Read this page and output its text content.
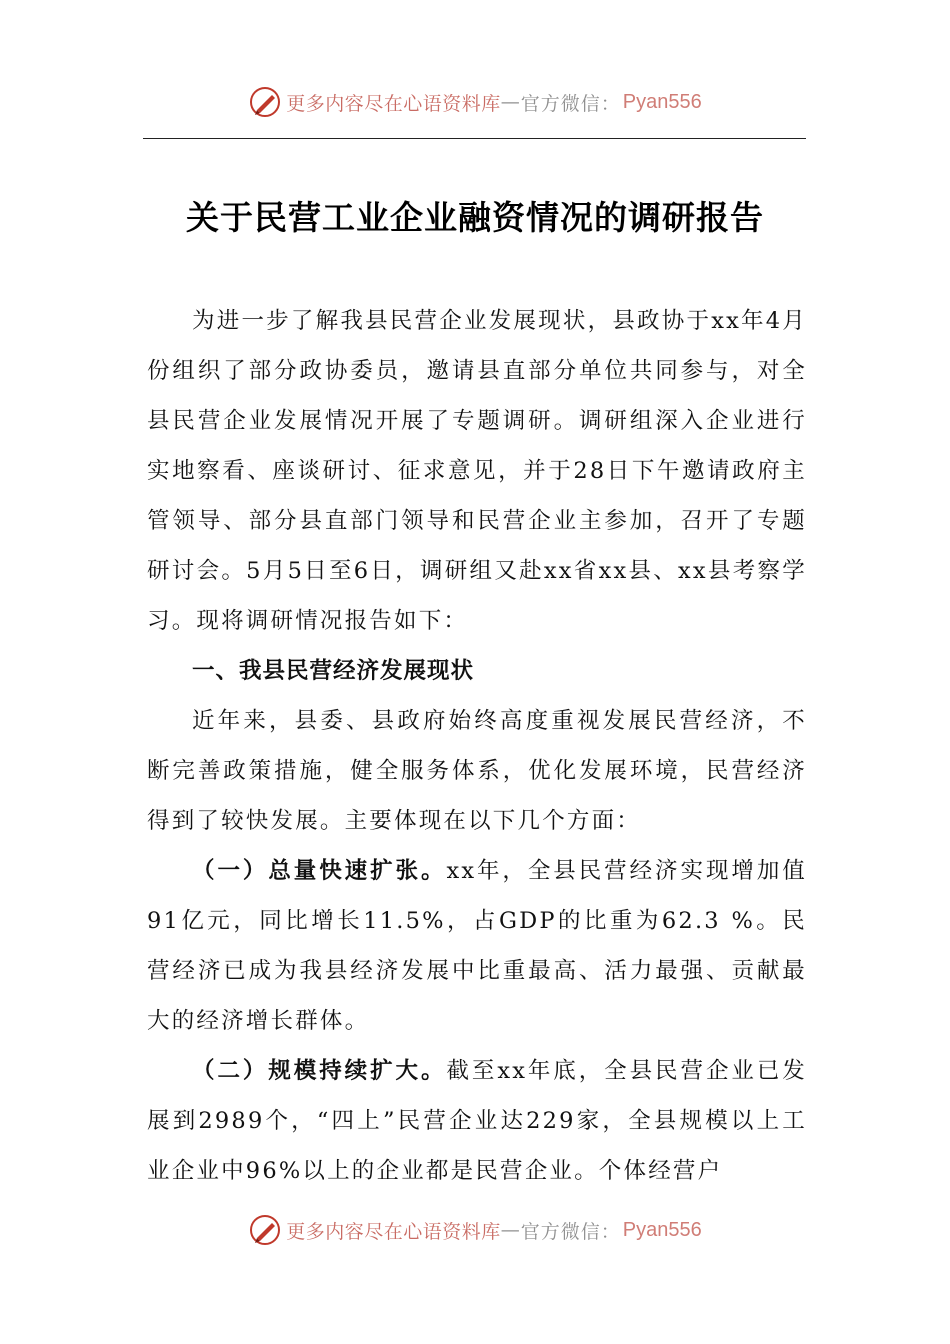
更多内容尽在心语资料库 — 官方微信： Pyan556
关于民营工业企业融资情况的调研报告

为进一步了解我县民营企业发展现状，县政协于xx年4月份组织了部分政协委员，邀请县直部分单位共同参与，对全县民营企业发展情况开展了专题调研。调研组深入企业进行实地察看、座谈研讨、征求意见，并于28日下午邀请政府主管领导、部分县直部门领导和民营企业主参加，召开了专题研讨会。5月5日至6日，调研组又赴xx省xx县、xx县考察学习。现将调研情况报告如下：

一、我县民营经济发展现状

近年来，县委、县政府始终高度重视发展民营经济，不断完善政策措施，健全服务体系，优化发展环境，民营经济得到了较快发展。主要体现在以下几个方面：

（一）总量快速扩张。xx年，全县民营经济实现增加值91亿元，同比增长11.5%，占GDP的比重为62.3 %。民营经济已成为我县经济发展中比重最高、活力最强、贡献最大的经济增长群体。

（二）规模持续扩大。截至xx年底，全县民营企业已发展到2989个，“四上”民营企业达229家，全县规模以上工业企业中96%以上的企业都是民营企业。个体经营户

更多内容尽在心语资料库 — 官方微信： Pyan556
